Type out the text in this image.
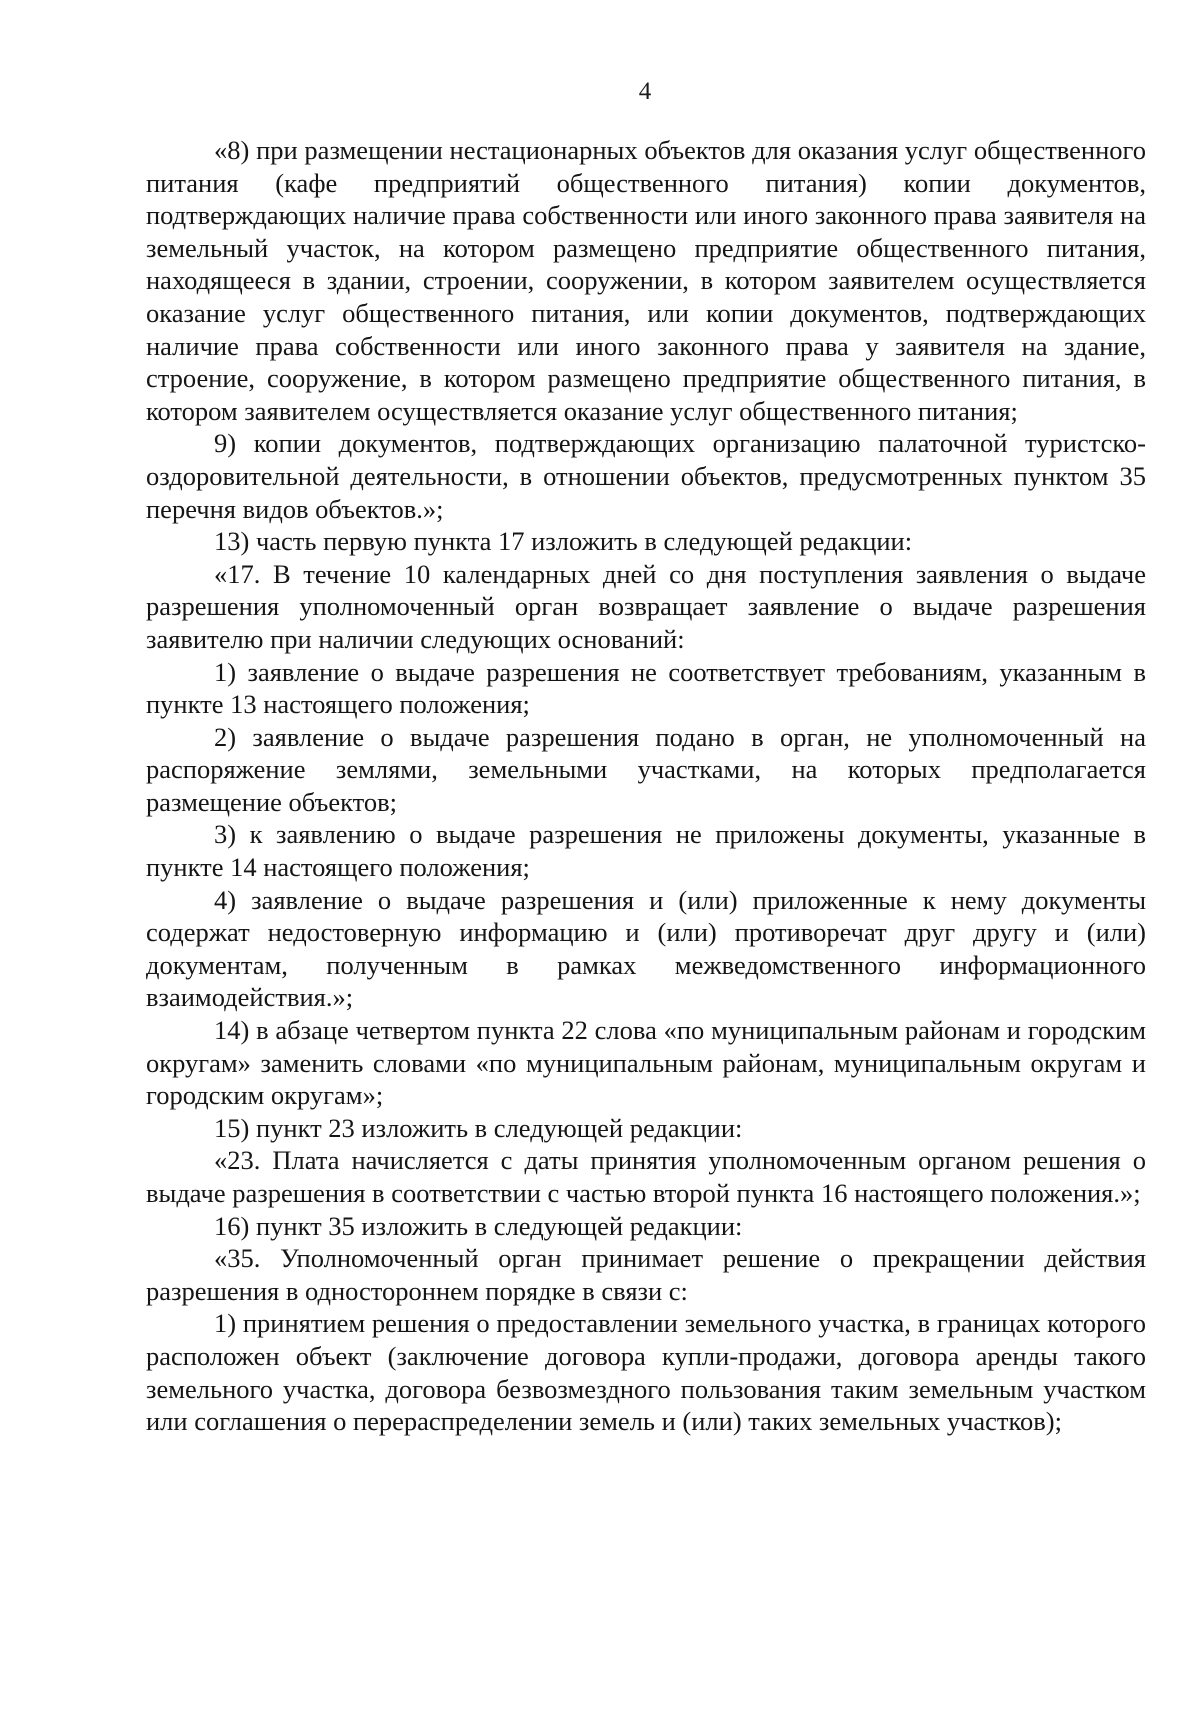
4

«8) при размещении нестационарных объектов для оказания услуг общественного питания (кафе предприятий общественного питания) копии документов, подтверждающих наличие права собственности или иного законного права заявителя на земельный участок, на котором размещено предприятие общественного питания, находящееся в здании, строении, сооружении, в котором заявителем осуществляется оказание услуг общественного питания, или копии документов, подтверждающих наличие права собственности или иного законного права у заявителя на здание, строение, сооружение, в котором размещено предприятие общественного питания, в котором заявителем осуществляется оказание услуг общественного питания;

9) копии документов, подтверждающих организацию палаточной туристско-оздоровительной деятельности, в отношении объектов, предусмотренных пунктом 35 перечня видов объектов.»;

13) часть первую пункта 17 изложить в следующей редакции:

«17. В течение 10 календарных дней со дня поступления заявления о выдаче разрешения уполномоченный орган возвращает заявление о выдаче разрешения заявителю при наличии следующих оснований:

1) заявление о выдаче разрешения не соответствует требованиям, указанным в пункте 13 настоящего положения;

2) заявление о выдаче разрешения подано в орган, не уполномоченный на распоряжение землями, земельными участками, на которых предполагается размещение объектов;

3) к заявлению о выдаче разрешения не приложены документы, указанные в пункте 14 настоящего положения;

4) заявление о выдаче разрешения и (или) приложенные к нему документы содержат недостоверную информацию и (или) противоречат друг другу и (или) документам, полученным в рамках межведомственного информационного взаимодействия.»;

14) в абзаце четвертом пункта 22 слова «по муниципальным районам и городским округам» заменить словами «по муниципальным районам, муниципальным округам и городским округам»;

15) пункт 23 изложить в следующей редакции:

«23. Плата начисляется с даты принятия уполномоченным органом решения о выдаче разрешения в соответствии с частью второй пункта 16 настоящего положения.»;

16) пункт 35 изложить в следующей редакции:

«35. Уполномоченный орган принимает решение о прекращении действия разрешения в одностороннем порядке в связи с:

1) принятием решения о предоставлении земельного участка, в границах которого расположен объект (заключение договора купли-продажи, договора аренды такого земельного участка, договора безвозмездного пользования таким земельным участком или соглашения о перераспределении земель и (или) таких земельных участков);
